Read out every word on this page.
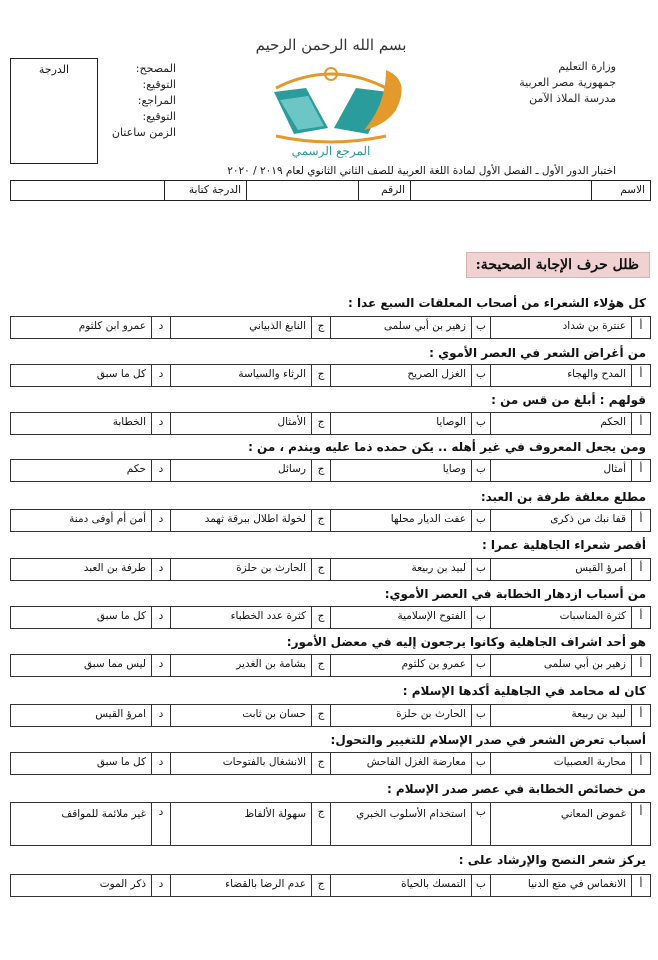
بسم الله الرحمن الرحيم
المرجع الرسمي
وزارة التعليم
جمهورية مصر العربية
مدرسة الملاذ الآمن
المصحح:
التوقيع:
المراجع:
التوقيع:
الزمن ساعتان
الدرجة
اختبار الدور الأول ـ الفصل الأول لمادة اللغة العربية للصف الثاني الثانوي لعام ٢٠١٩ / ٢٠٢٠
الاسم
الرقم
الدرجة كتابة
ظلل حرف الإجابة الصحيحة:
كل هؤلاء الشعراء من أصحاب المعلقات السبع عدا :
أ
عنترة بن شداد
ب
زهير بن أبي سلمى
ج
النابغ الذبياني
د
عمرو ابن كلثوم
من أغراض الشعر في العصر الأموي :
أ
المدح والهجاء
ب
الغزل الصريح
ج
الرثاء والسياسة
د
كل ما سبق
قولهم : أبلغ من قس من :
أ
الحكم
ب
الوصايا
ج
الأمثال
د
الخطابة
ومن يجعل المعروف في غير أهله .. يكن حمده ذما عليه ويندم ، من :
أ
أمثال
ب
وصايا
ج
رسائل
د
حكم
مطلع معلقة طرفة بن العبد:
أ
قفا نبك من ذكرى
ب
عفت الديار محلها
ج
لخولة اطلال ببرقة ثهمد
د
أمن أم أوفى دمنة
أقصر شعراء الجاهلية عمرا :
أ
امرؤ القيس
ب
لبيد بن ربيعة
ج
الحارث بن حلزة
د
طرفة بن العبد
من أسباب ازدهار الخطابة في العصر الأموي:
أ
كثرة المناسبات
ب
الفتوح الإسلامية
ج
كثرة عدد الخطباء
د
كل ما سبق
هو أحد اشراف الجاهلية وكانوا يرجعون إليه في معضل الأمور:
أ
زهير بن أبي سلمى
ب
عمرو بن كلثوم
ج
بشامة بن الغدير
د
ليس مما سبق
كان له محامد في الجاهلية أكدها الإسلام :
أ
لبيد بن ربيعة
ب
الحارث بن حلزة
ج
حسان بن ثابت
د
امرؤ القيس
أسباب تعرض الشعر في صدر الإسلام للتغيير والتحول:
أ
محاربة العصبيات
ب
معارضة الغزل الفاحش
ج
الانشغال بالفتوحات
د
كل ما سبق
من خصائص الخطابة في عصر صدر الإسلام :
أ
غموض المعاني
ب
استخدام الأسلوب الخبري
ج
سهولة الألفاظ
د
غير ملائمة للمواقف
يركز شعر النصح والإرشاد على :
أ
الانغماس في متع الدنيا
ب
التمسك بالحياة
ج
عدم الرضا بالقضاء
د
ذكر الموت
